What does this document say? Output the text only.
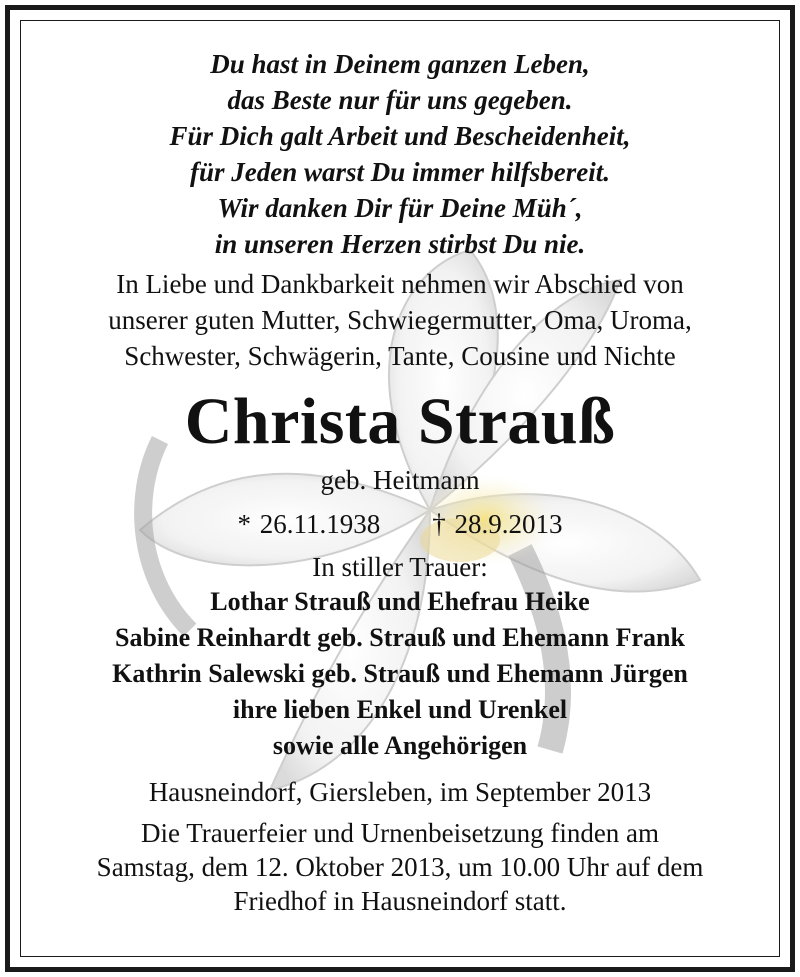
Du hast in Deinem ganzen Leben,
das Beste nur für uns gegeben.
Für Dich galt Arbeit und Bescheidenheit,
für Jeden warst Du immer hilfsbereit.
Wir danken Dir für Deine Müh´,
in unseren Herzen stirbst Du nie.
In Liebe und Dankbarkeit nehmen wir Abschied von
unserer guten Mutter, Schwiegermutter, Oma, Uroma,
Schwester, Schwägerin, Tante, Cousine und Nichte
Christa Strauß
geb. Heitmann
* 26.11.1938 † 28.9.2013
In stiller Trauer:
Lothar Strauß und Ehefrau Heike
Sabine Reinhardt geb. Strauß und Ehemann Frank
Kathrin Salewski geb. Strauß und Ehemann Jürgen
ihre lieben Enkel und Urenkel
sowie alle Angehörigen
Hausneindorf, Giersleben, im September 2013
Die Trauerfeier und Urnenbeisetzung finden am
Samstag, dem 12. Oktober 2013, um 10.00 Uhr auf dem
Friedhof in Hausneindorf statt.
